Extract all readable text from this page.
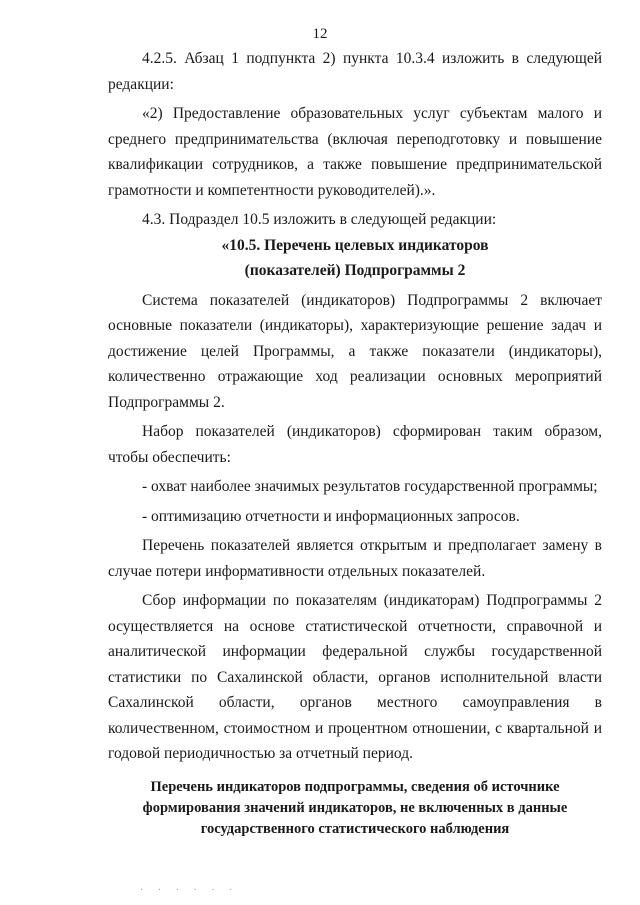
12

4.2.5. Абзац 1 подпункта 2) пункта 10.3.4 изложить в следующей редакции:

«2) Предоставление образовательных услуг субъектам малого и среднего предпринимательства (включая переподготовку и повышение квалификации сотрудников, а также повышение предпринимательской грамотности и компетентности руководителей).».

4.3. Подраздел 10.5 изложить в следующей редакции:

«10.5. Перечень целевых индикаторов

(показателей) Подпрограммы 2

Система показателей (индикаторов) Подпрограммы 2 включает основные показатели (индикаторы), характеризующие решение задач и достижение целей Программы, а также показатели (индикаторы), количественно отражающие ход реализации основных мероприятий Подпрограммы 2.

Набор показателей (индикаторов) сформирован таким образом, чтобы обеспечить:

- охват наиболее значимых результатов государственной программы;

- оптимизацию отчетности и информационных запросов.

Перечень показателей является открытым и предполагает замену в случае потери информативности отдельных показателей.

Сбор информации по показателям (индикаторам) Подпрограммы 2 осуществляется на основе статистической отчетности, справочной и аналитической информации федеральной службы государственной статистики по Сахалинской области, органов исполнительной власти Сахалинской области, органов местного самоуправления в количественном, стоимостном и процентном отношении, с квартальной и годовой периодичностью за отчетный период.

Перечень индикаторов подпрограммы, сведения об источнике формирования значений индикаторов, не включенных в данные государственного статистического наблюдения

· · · · · ·
